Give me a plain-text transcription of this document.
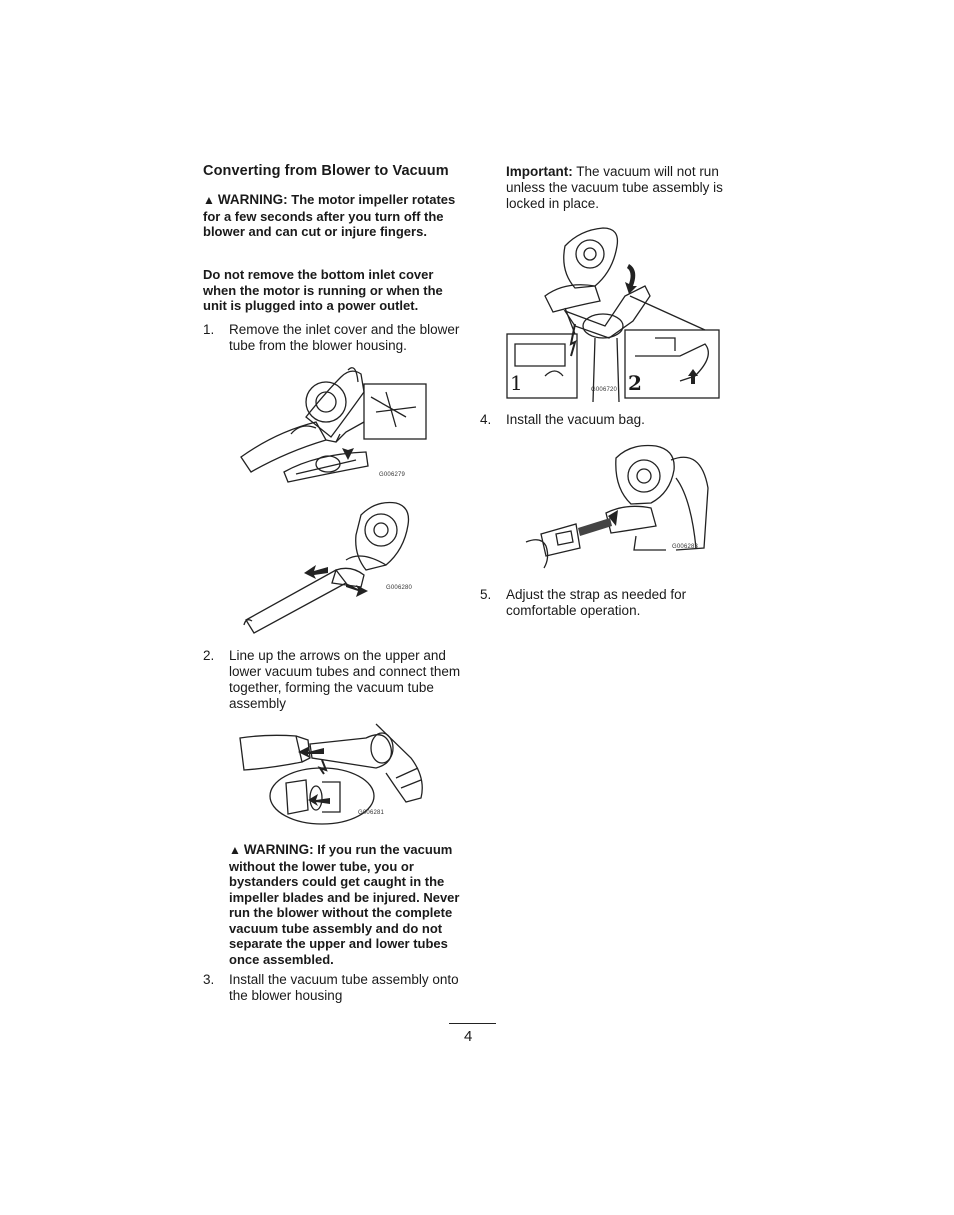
Converting from Blower to Vacuum
▲ WARNING: The motor impeller rotates for a few seconds after you turn off the blower and can cut or injure fingers.
Do not remove the bottom inlet cover when the motor is running or when the unit is plugged into a power outlet.
1.	Remove the inlet cover and the blower tube from the blower housing.
G006279
G006280
2.	Line up the arrows on the upper and lower vacuum tubes and connect them together, forming the vacuum tube assembly
G006281
▲ WARNING: If you run the vacuum without the lower tube, you or bystanders could get caught in the impeller blades and be injured. Never run the blower without the complete vacuum tube assembly and do not separate the upper and lower tubes once assembled.
3.	Install the vacuum tube assembly onto the blower housing
Important: The vacuum will not run unless the vacuum tube assembly is locked in place.
1	2
G006720
4.	Install the vacuum bag.
G006283
5.	Adjust the strap as needed for comfortable operation.
4
